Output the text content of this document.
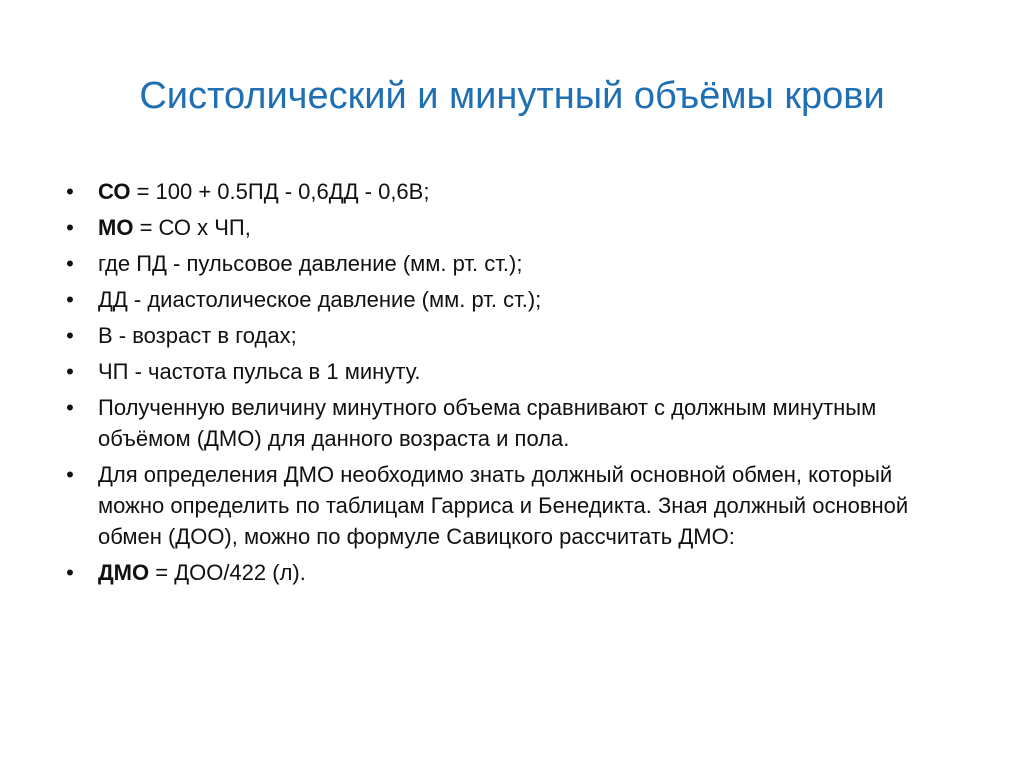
Систолический и минутный объёмы крови
• СО = 100 + 0.5ПД - 0,6ДД - 0,6В;
• МО = СО х ЧП,
• где ПД - пульсовое давление (мм. рт. ст.);
• ДД - диастолическое давление (мм. рт. ст.);
• В - возраст в годах;
• ЧП - частота пульса в 1 минуту.
• Полученную величину минутного объема сравнивают с должным минутным объёмом (ДМО) для данного возраста и пола.
• Для определения ДМО необходимо знать должный основной обмен, который можно определить по таблицам Гарриса и Бенедикта. Зная должный основной обмен (ДОО), можно по формуле Савицкого рассчитать ДМО:
• ДМО = ДОО/422 (л).
